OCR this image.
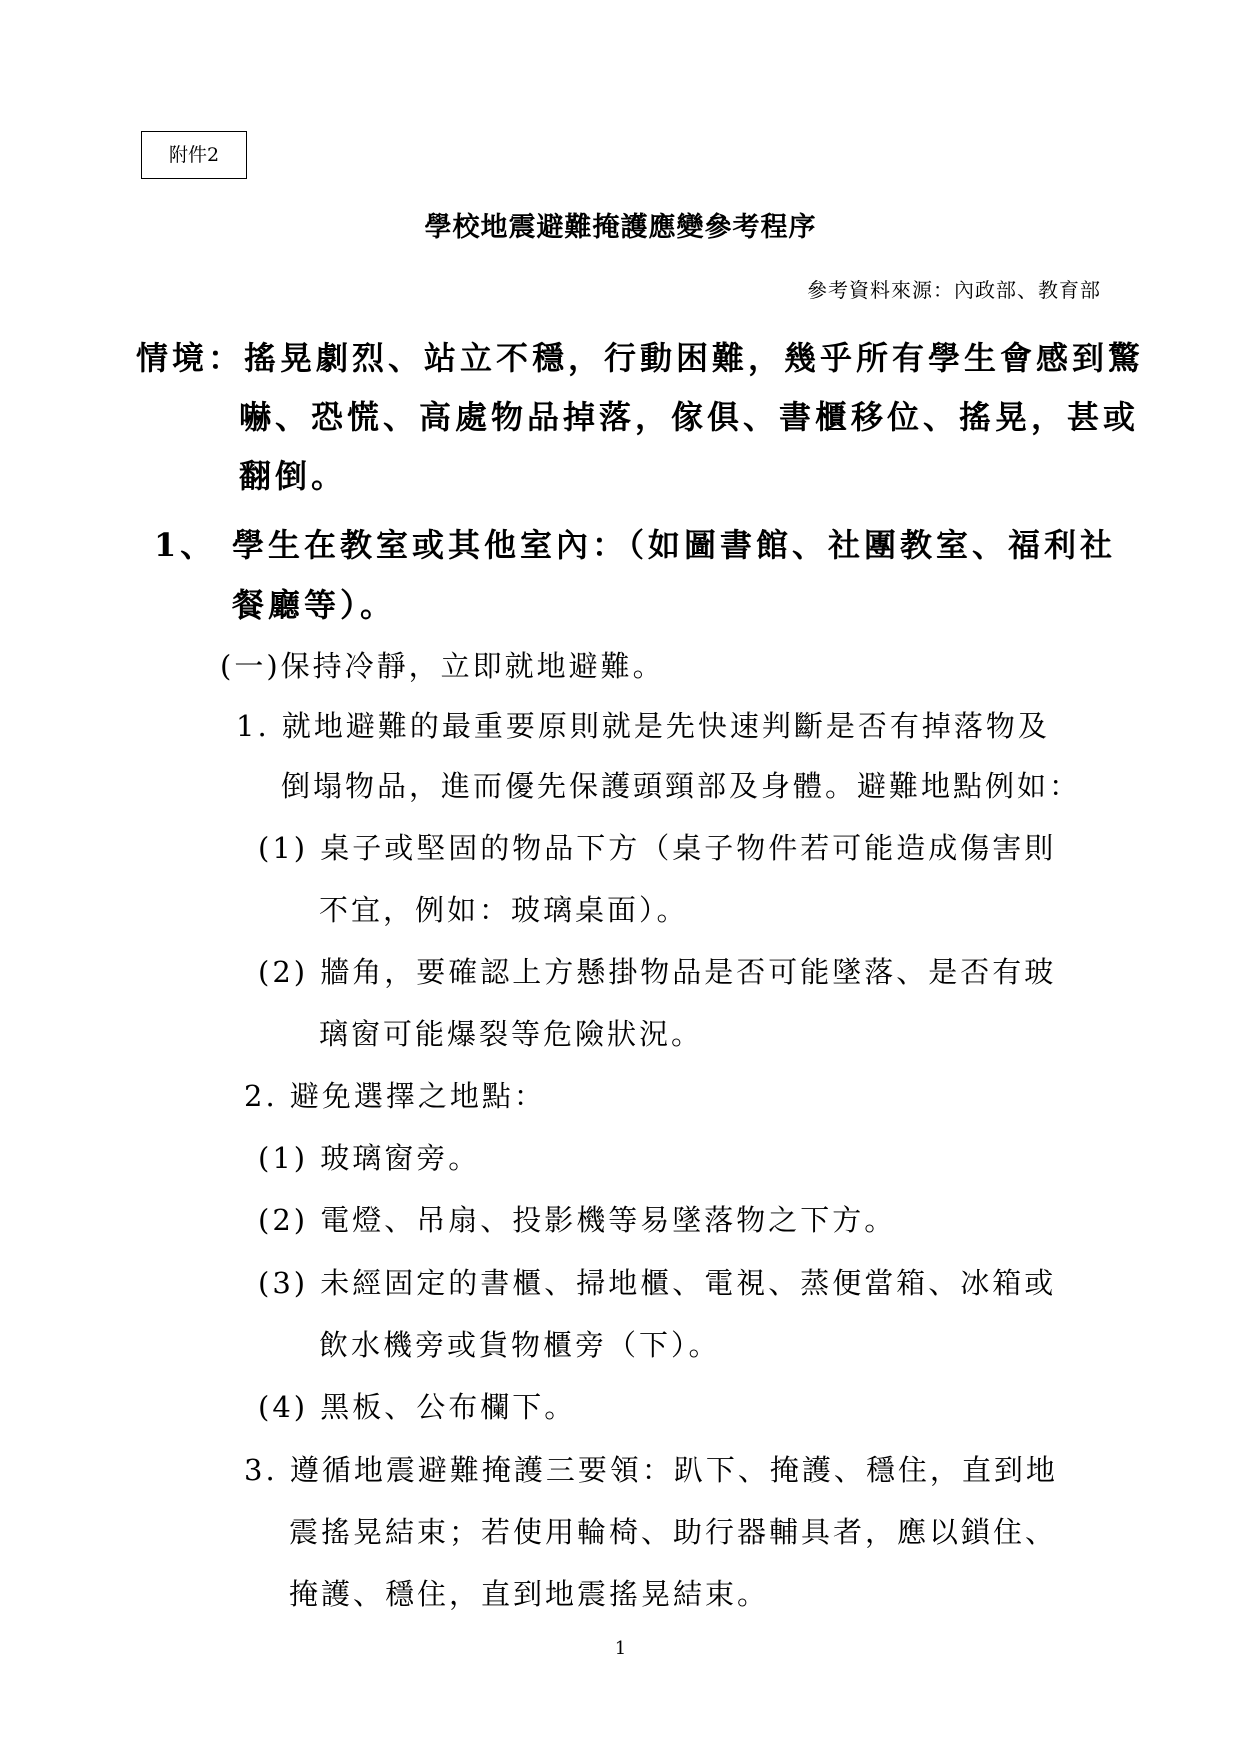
附件2
學校地震避難掩護應變參考程序
參考資料來源：內政部、教育部
情境：搖晃劇烈、站立不穩，行動困難，幾乎所有學生會感到驚
嚇、恐慌、高處物品掉落，傢俱、書櫃移位、搖晃，甚或
翻倒。
1、 學生在教室或其他室內：（如圖書館、社團教室、福利社
餐廳等）。
(一)保持冷靜，立即就地避難。
1. 就地避難的最重要原則就是先快速判斷是否有掉落物及
倒塌物品，進而優先保護頭頸部及身體。避難地點例如：
(1) 桌子或堅固的物品下方（桌子物件若可能造成傷害則
不宜，例如：玻璃桌面）。
(2) 牆角，要確認上方懸掛物品是否可能墜落、是否有玻
璃窗可能爆裂等危險狀況。
2. 避免選擇之地點：
(1) 玻璃窗旁。
(2) 電燈、吊扇、投影機等易墜落物之下方。
(3) 未經固定的書櫃、掃地櫃、電視、蒸便當箱、冰箱或
飲水機旁或貨物櫃旁（下）。
(4) 黑板、公布欄下。
3. 遵循地震避難掩護三要領：趴下、掩護、穩住，直到地
震搖晃結束；若使用輪椅、助行器輔具者，應以鎖住、
掩護、穩住，直到地震搖晃結束。
1
